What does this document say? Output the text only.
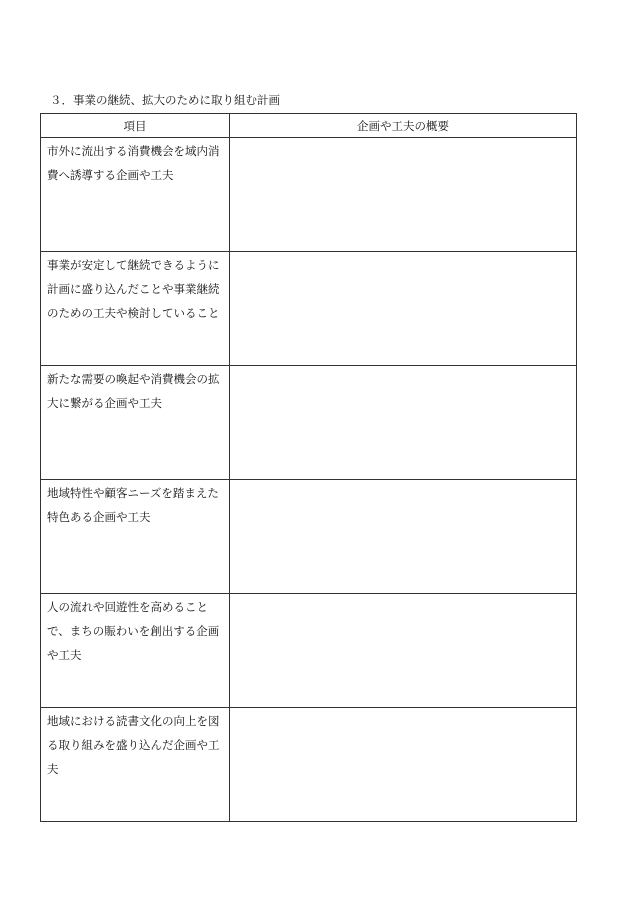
３．事業の継続、拡大のために取り組む計画
項目	企画や工夫の概要
市外に流出する消費機会を域内消費へ誘導する企画や工夫	
事業が安定して継続できるように計画に盛り込んだことや事業継続のための工夫や検討していること	
新たな需要の喚起や消費機会の拡大に繋がる企画や工夫	
地域特性や顧客ニーズを踏まえた特色ある企画や工夫	
人の流れや回遊性を高めることで、まちの賑わいを創出する企画や工夫	
地域における読書文化の向上を図る取り組みを盛り込んだ企画や工夫	
